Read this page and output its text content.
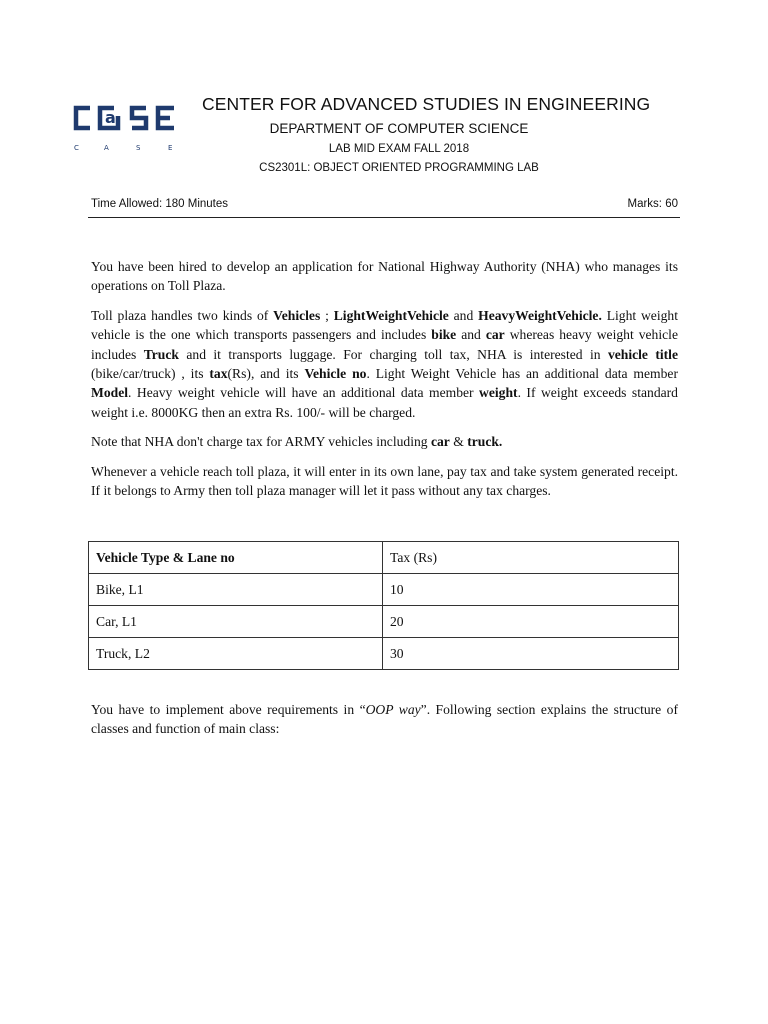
a
C	A	S	E
CENTER FOR ADVANCED STUDIES IN ENGINEERING
DEPARTMENT OF COMPUTER SCIENCE
LAB MID EXAM FALL 2018
CS2301L: OBJECT ORIENTED PROGRAMMING LAB
Time Allowed: 180 Minutes	Marks: 60

You have been hired to develop an application for National Highway Authority (NHA) who manages its operations on Toll Plaza.

Toll plaza handles two kinds of Vehicles ; LightWeightVehicle and HeavyWeightVehicle. Light weight vehicle is the one which transports passengers and includes bike and car whereas heavy weight vehicle includes Truck and it transports luggage. For charging toll tax, NHA is interested in vehicle title (bike/car/truck) , its tax(Rs), and its Vehicle no. Light Weight Vehicle has an additional data member Model. Heavy weight vehicle will have an additional data member weight. If weight exceeds standard weight i.e. 8000KG then an extra Rs. 100/- will be charged.

Note that NHA don't charge tax for ARMY vehicles including car & truck.

Whenever a vehicle reach toll plaza, it will enter in its own lane, pay tax and take system generated receipt. If it belongs to Army then toll plaza manager will let it pass without any tax charges.

Vehicle Type & Lane no	Tax (Rs)
Bike, L1	10
Car, L1	20
Truck, L2	30

You have to implement above requirements in “OOP way”. Following section explains the structure of classes and function of main class:
